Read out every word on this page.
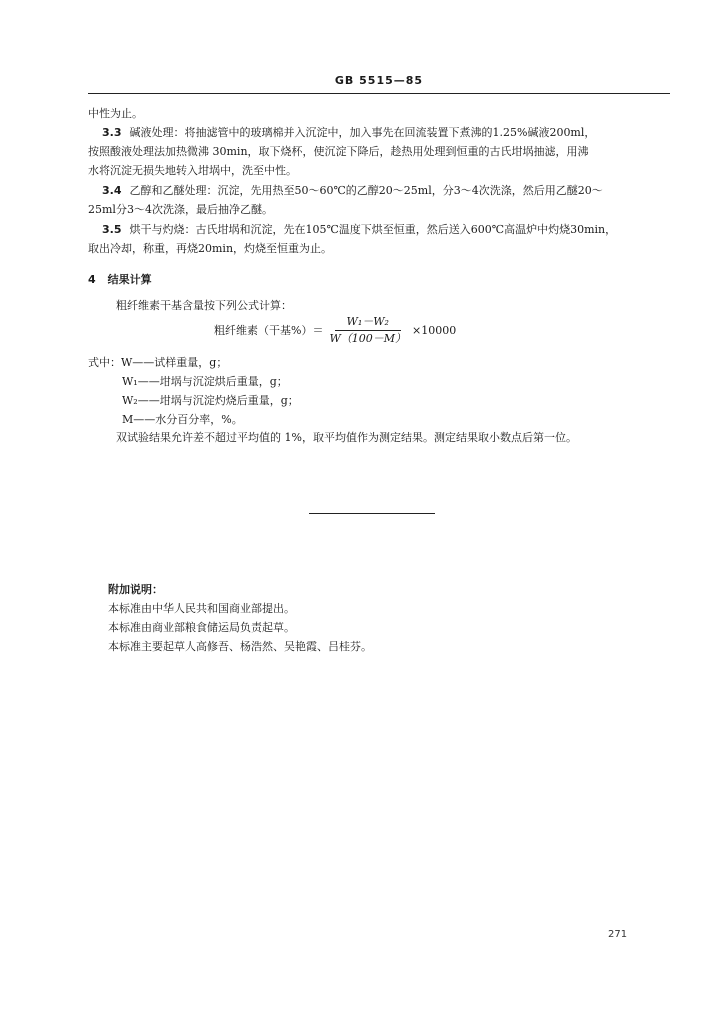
GB 5515—85

中性为止。

3.3 碱液处理：将抽滤管中的玻璃棉并入沉淀中，加入事先在回流装置下煮沸的1.25%碱液200ml，

按照酸液处理法加热微沸 30min，取下烧杯，使沉淀下降后，趁热用处理到恒重的古氏坩埚抽滤，用沸

水将沉淀无损失地转入坩埚中，洗至中性。

3.4 乙醇和乙醚处理：沉淀，先用热至50～60℃的乙醇20～25ml，分3～4次洗涤，然后用乙醚20～

25ml分3～4次洗涤，最后抽净乙醚。

3.5 烘干与灼烧：古氏坩埚和沉淀，先在105℃温度下烘至恒重，然后送入600℃高温炉中灼烧30min，

取出冷却，称重，再烧20min，灼烧至恒重为止。

4 结果计算
粗纤维素干基含量按下列公式计算：
粗纤维素（干基%）＝ $\frac{\text{W₁－W₂}}{W(100-M)} \times 10000$
式中：W——试样重量，g；
W₁——坩埚与沉淀烘后重量，g；
W₂——坩埚与沉淀灼烧后重量，g；
M——水分百分率，%。
双试验结果允许差不超过平均值的 1%，取平均值作为测定结果。测定结果取小数点后第一位。
附加说明：
本标准由中华人民共和国商业部提出。
本标准由商业部粮食储运局负责起草。
本标准主要起草人高修吾、杨浩然、吴艳霞、吕桂芬。
271
